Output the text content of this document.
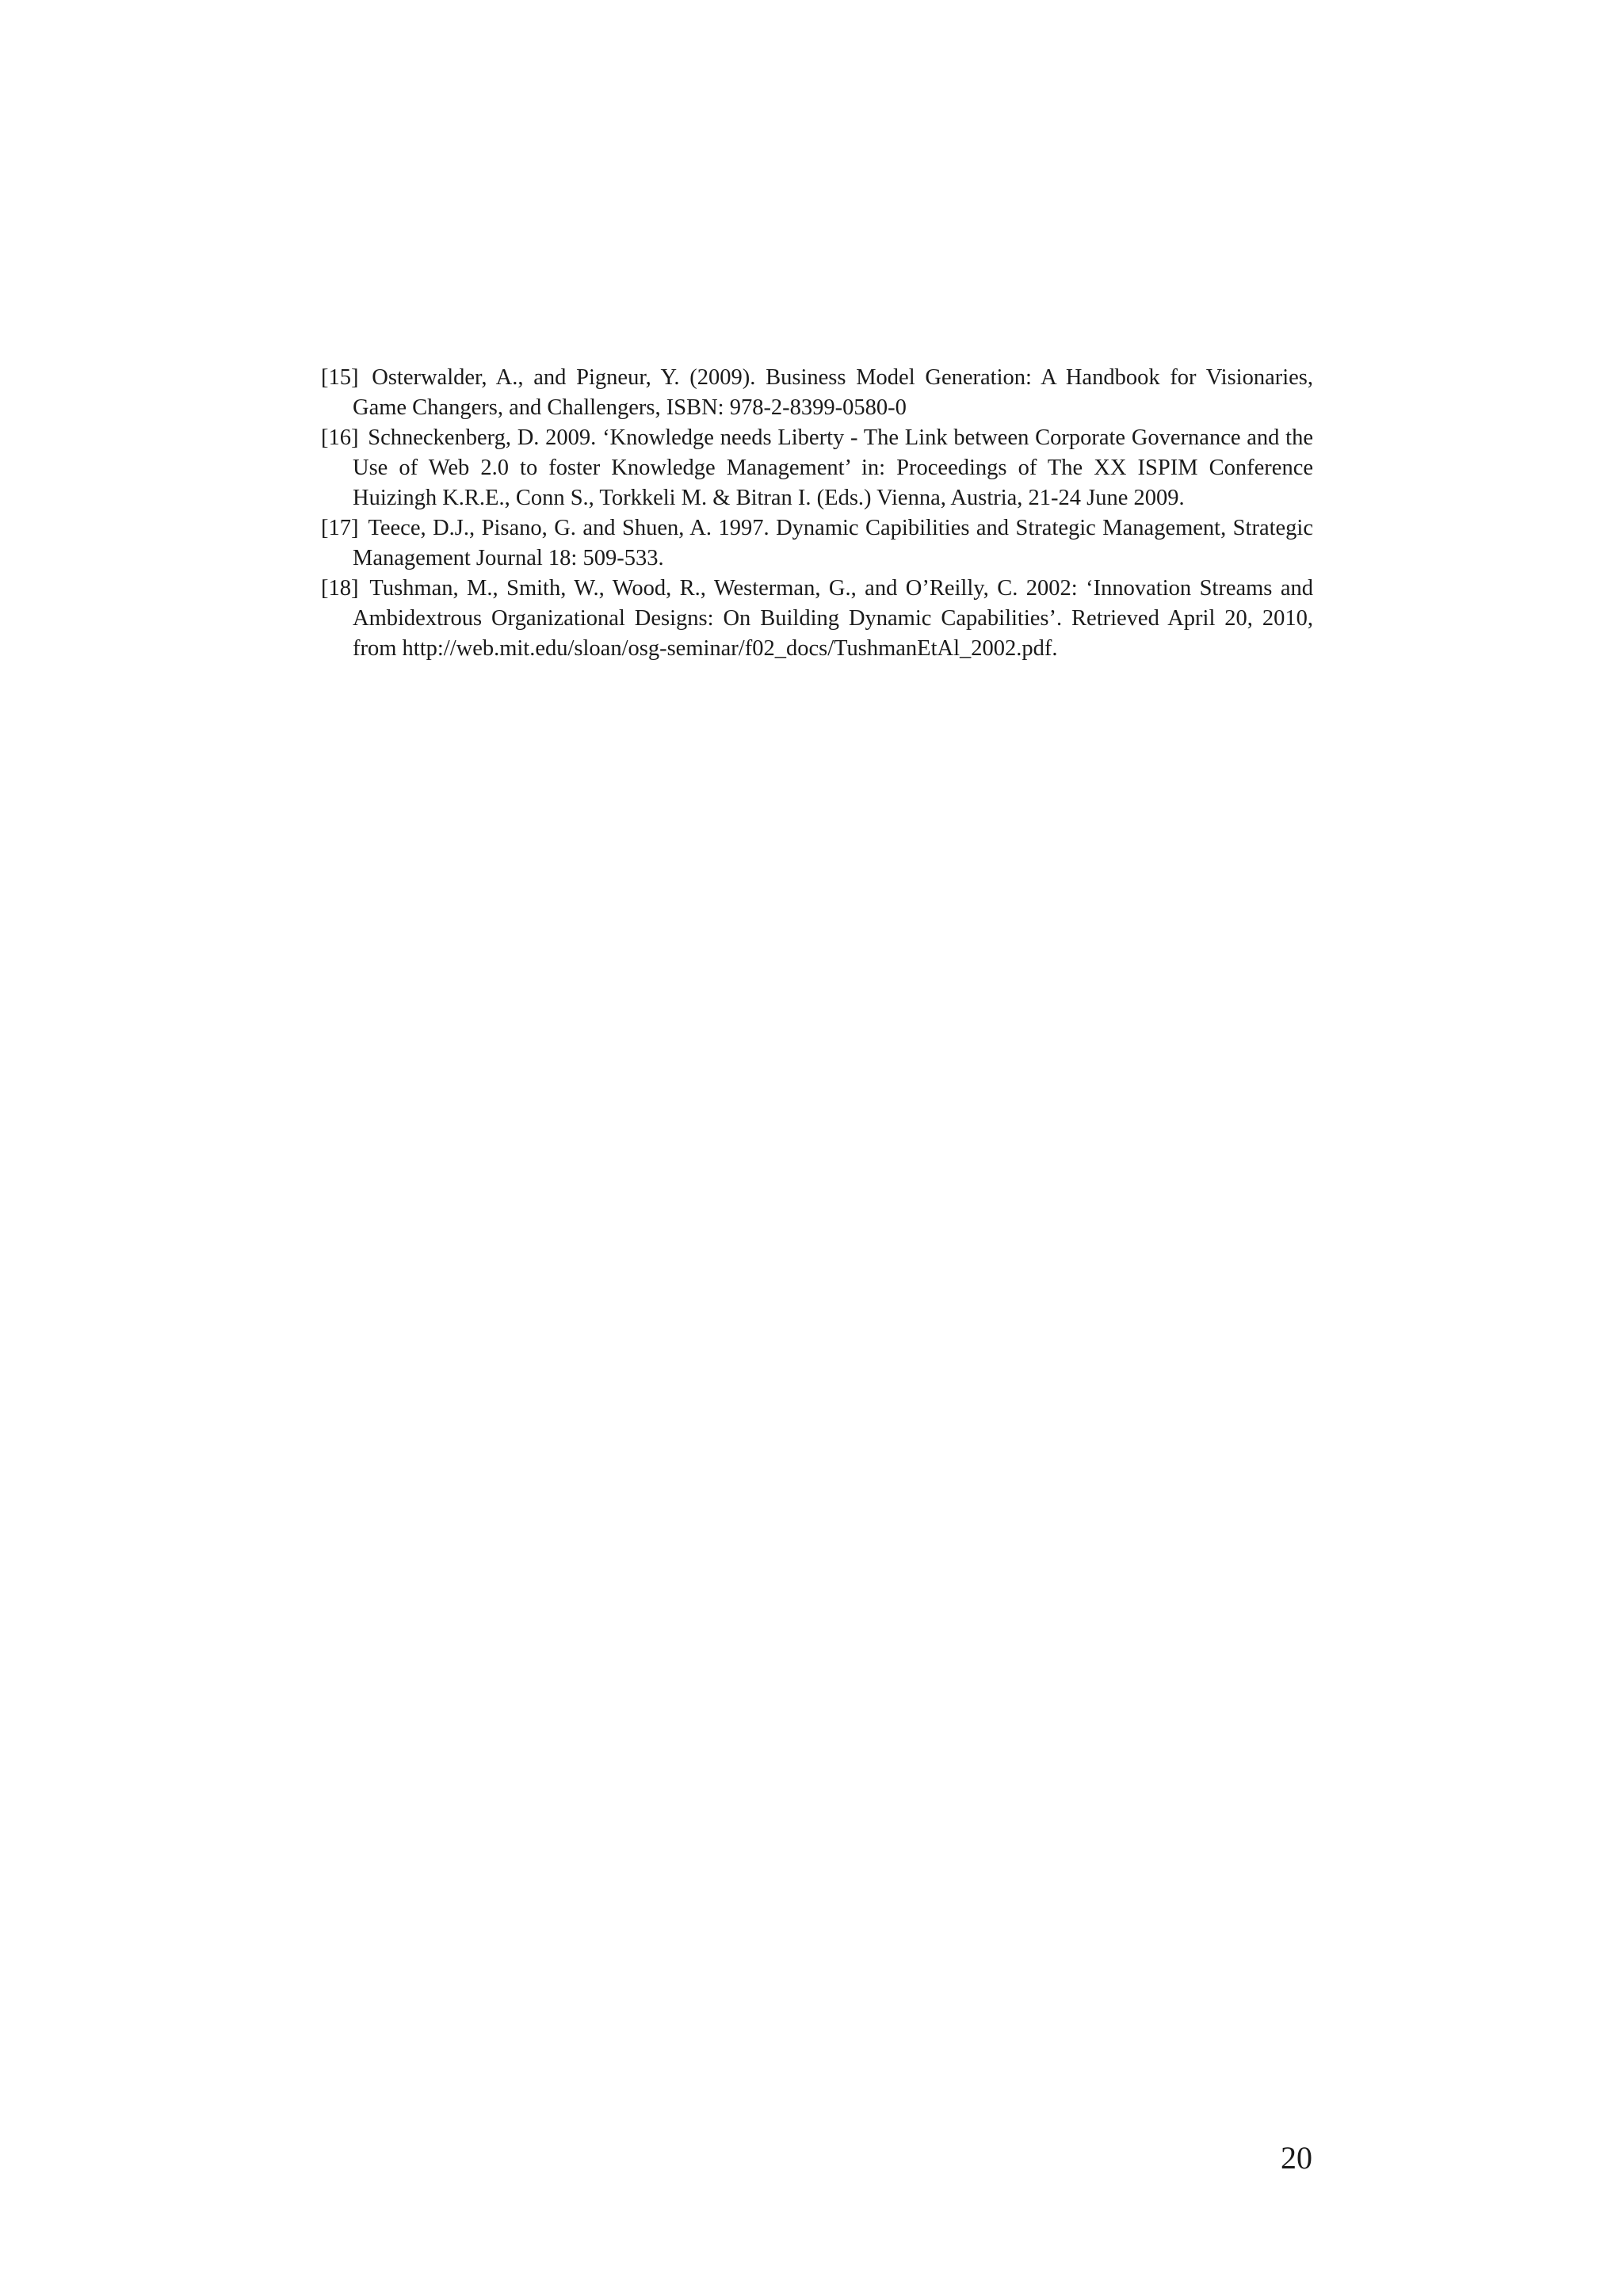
[15] Osterwalder, A., and Pigneur, Y. (2009). Business Model Generation: A Handbook for Visionaries, Game Changers, and Challengers, ISBN: 978-2-8399-0580-0
[16] Schneckenberg, D. 2009. ‘Knowledge needs Liberty - The Link between Corporate Governance and the Use of Web 2.0 to foster Knowledge Management’ in: Proceedings of The XX ISPIM Conference Huizingh K.R.E., Conn S., Torkkeli M. & Bitran I. (Eds.) Vienna, Austria, 21-24 June 2009.
[17] Teece, D.J., Pisano, G. and Shuen, A. 1997. Dynamic Capibilities and Strategic Management, Strategic Management Journal 18: 509-533.
[18] Tushman, M., Smith, W., Wood, R., Westerman, G., and O’Reilly, C. 2002: ‘Innovation Streams and Ambidextrous Organizational Designs: On Building Dynamic Capabilities’. Retrieved April 20, 2010, from http://web.mit.edu/sloan/osg-seminar/f02_docs/TushmanEtAl_2002.pdf.

20
